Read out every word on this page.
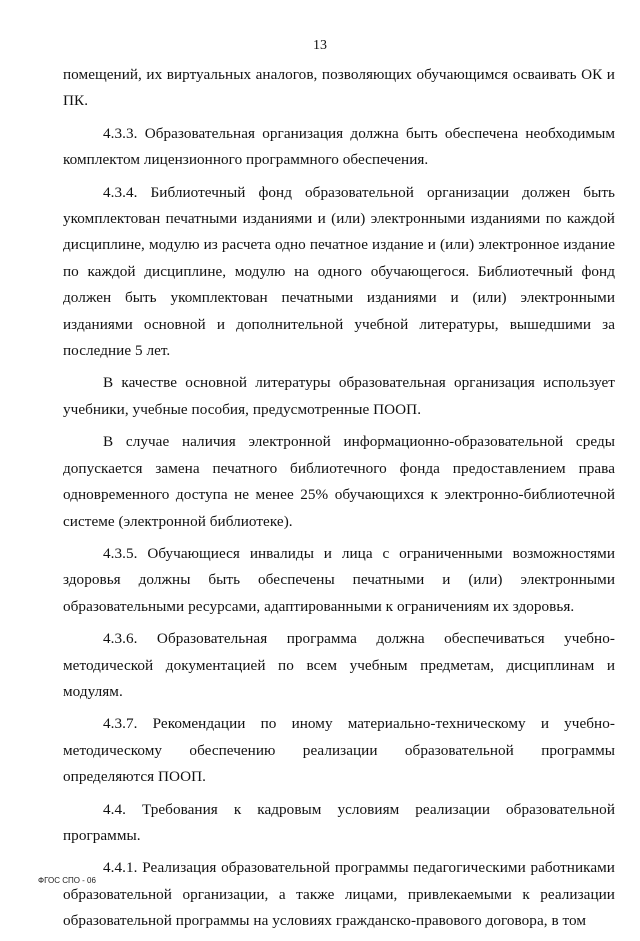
13

помещений, их виртуальных аналогов, позволяющих обучающимся осваивать ОК и ПК.

4.3.3. Образовательная организация должна быть обеспечена необходимым комплектом лицензионного программного обеспечения.

4.3.4. Библиотечный фонд образовательной организации должен быть укомплектован печатными изданиями и (или) электронными изданиями по каждой дисциплине, модулю из расчета одно печатное издание и (или) электронное издание по каждой дисциплине, модулю на одного обучающегося. Библиотечный фонд должен быть укомплектован печатными изданиями и (или) электронными изданиями основной и дополнительной учебной литературы, вышедшими за последние 5 лет.

В качестве основной литературы образовательная организация использует учебники, учебные пособия, предусмотренные ПООП.

В случае наличия электронной информационно-образовательной среды допускается замена печатного библиотечного фонда предоставлением права одновременного доступа не менее 25% обучающихся к электронно-библиотечной системе (электронной библиотеке).

4.3.5. Обучающиеся инвалиды и лица с ограниченными возможностями здоровья должны быть обеспечены печатными и (или) электронными образовательными ресурсами, адаптированными к ограничениям их здоровья.

4.3.6. Образовательная программа должна обеспечиваться учебно-методической документацией по всем учебным предметам, дисциплинам и модулям.

4.3.7. Рекомендации по иному материально-техническому и учебно-методическому обеспечению реализации образовательной программы определяются ПООП.

4.4. Требования к кадровым условиям реализации образовательной программы.

4.4.1. Реализация образовательной программы педагогическими работниками образовательной организации, а также лицами, привлекаемыми к реализации образовательной программы на условиях гражданско-правового договора, в том

ФГОС СПО - 06
